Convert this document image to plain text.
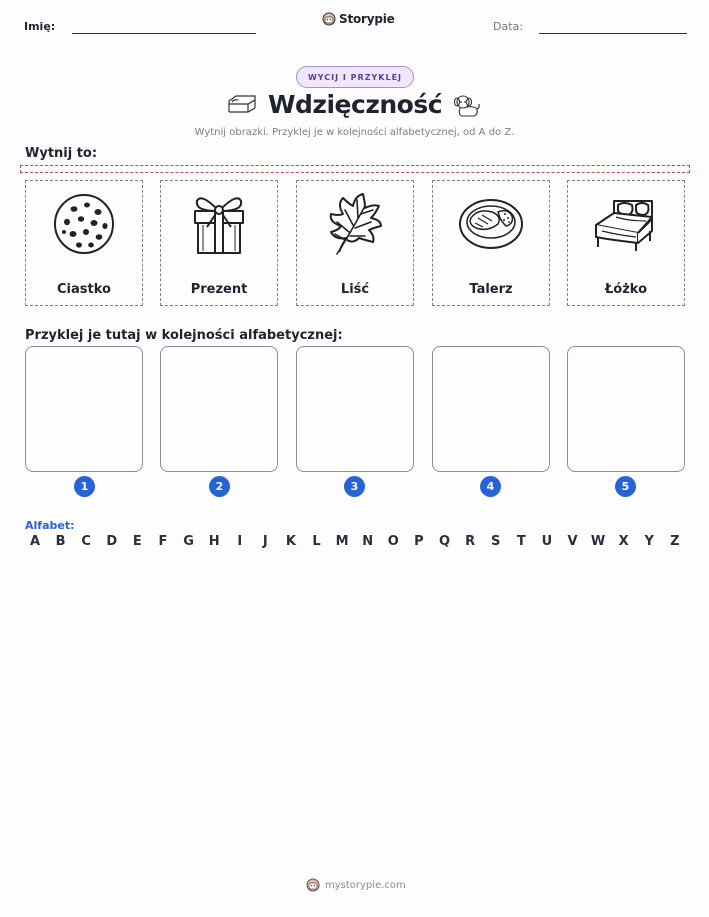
Imię:
Storypie
Data:
WYCIJ I PRZYKLEJ
Wdzięczność
Wytnij obrazki. Przyklej je w kolejności alfabetycznej, od A do Z.
Wytnij to:
Ciastko	Prezent	Liść	Talerz	Łóżko
Przyklej je tutaj w kolejności alfabetycznej:
1	2	3	4	5
Alfabet:
A	B	C	D	E	F	G	H	I	J	K	L	M	N	O	P	Q	R	S	T	U	V	W	X	Y	Z
mystorypie.com
